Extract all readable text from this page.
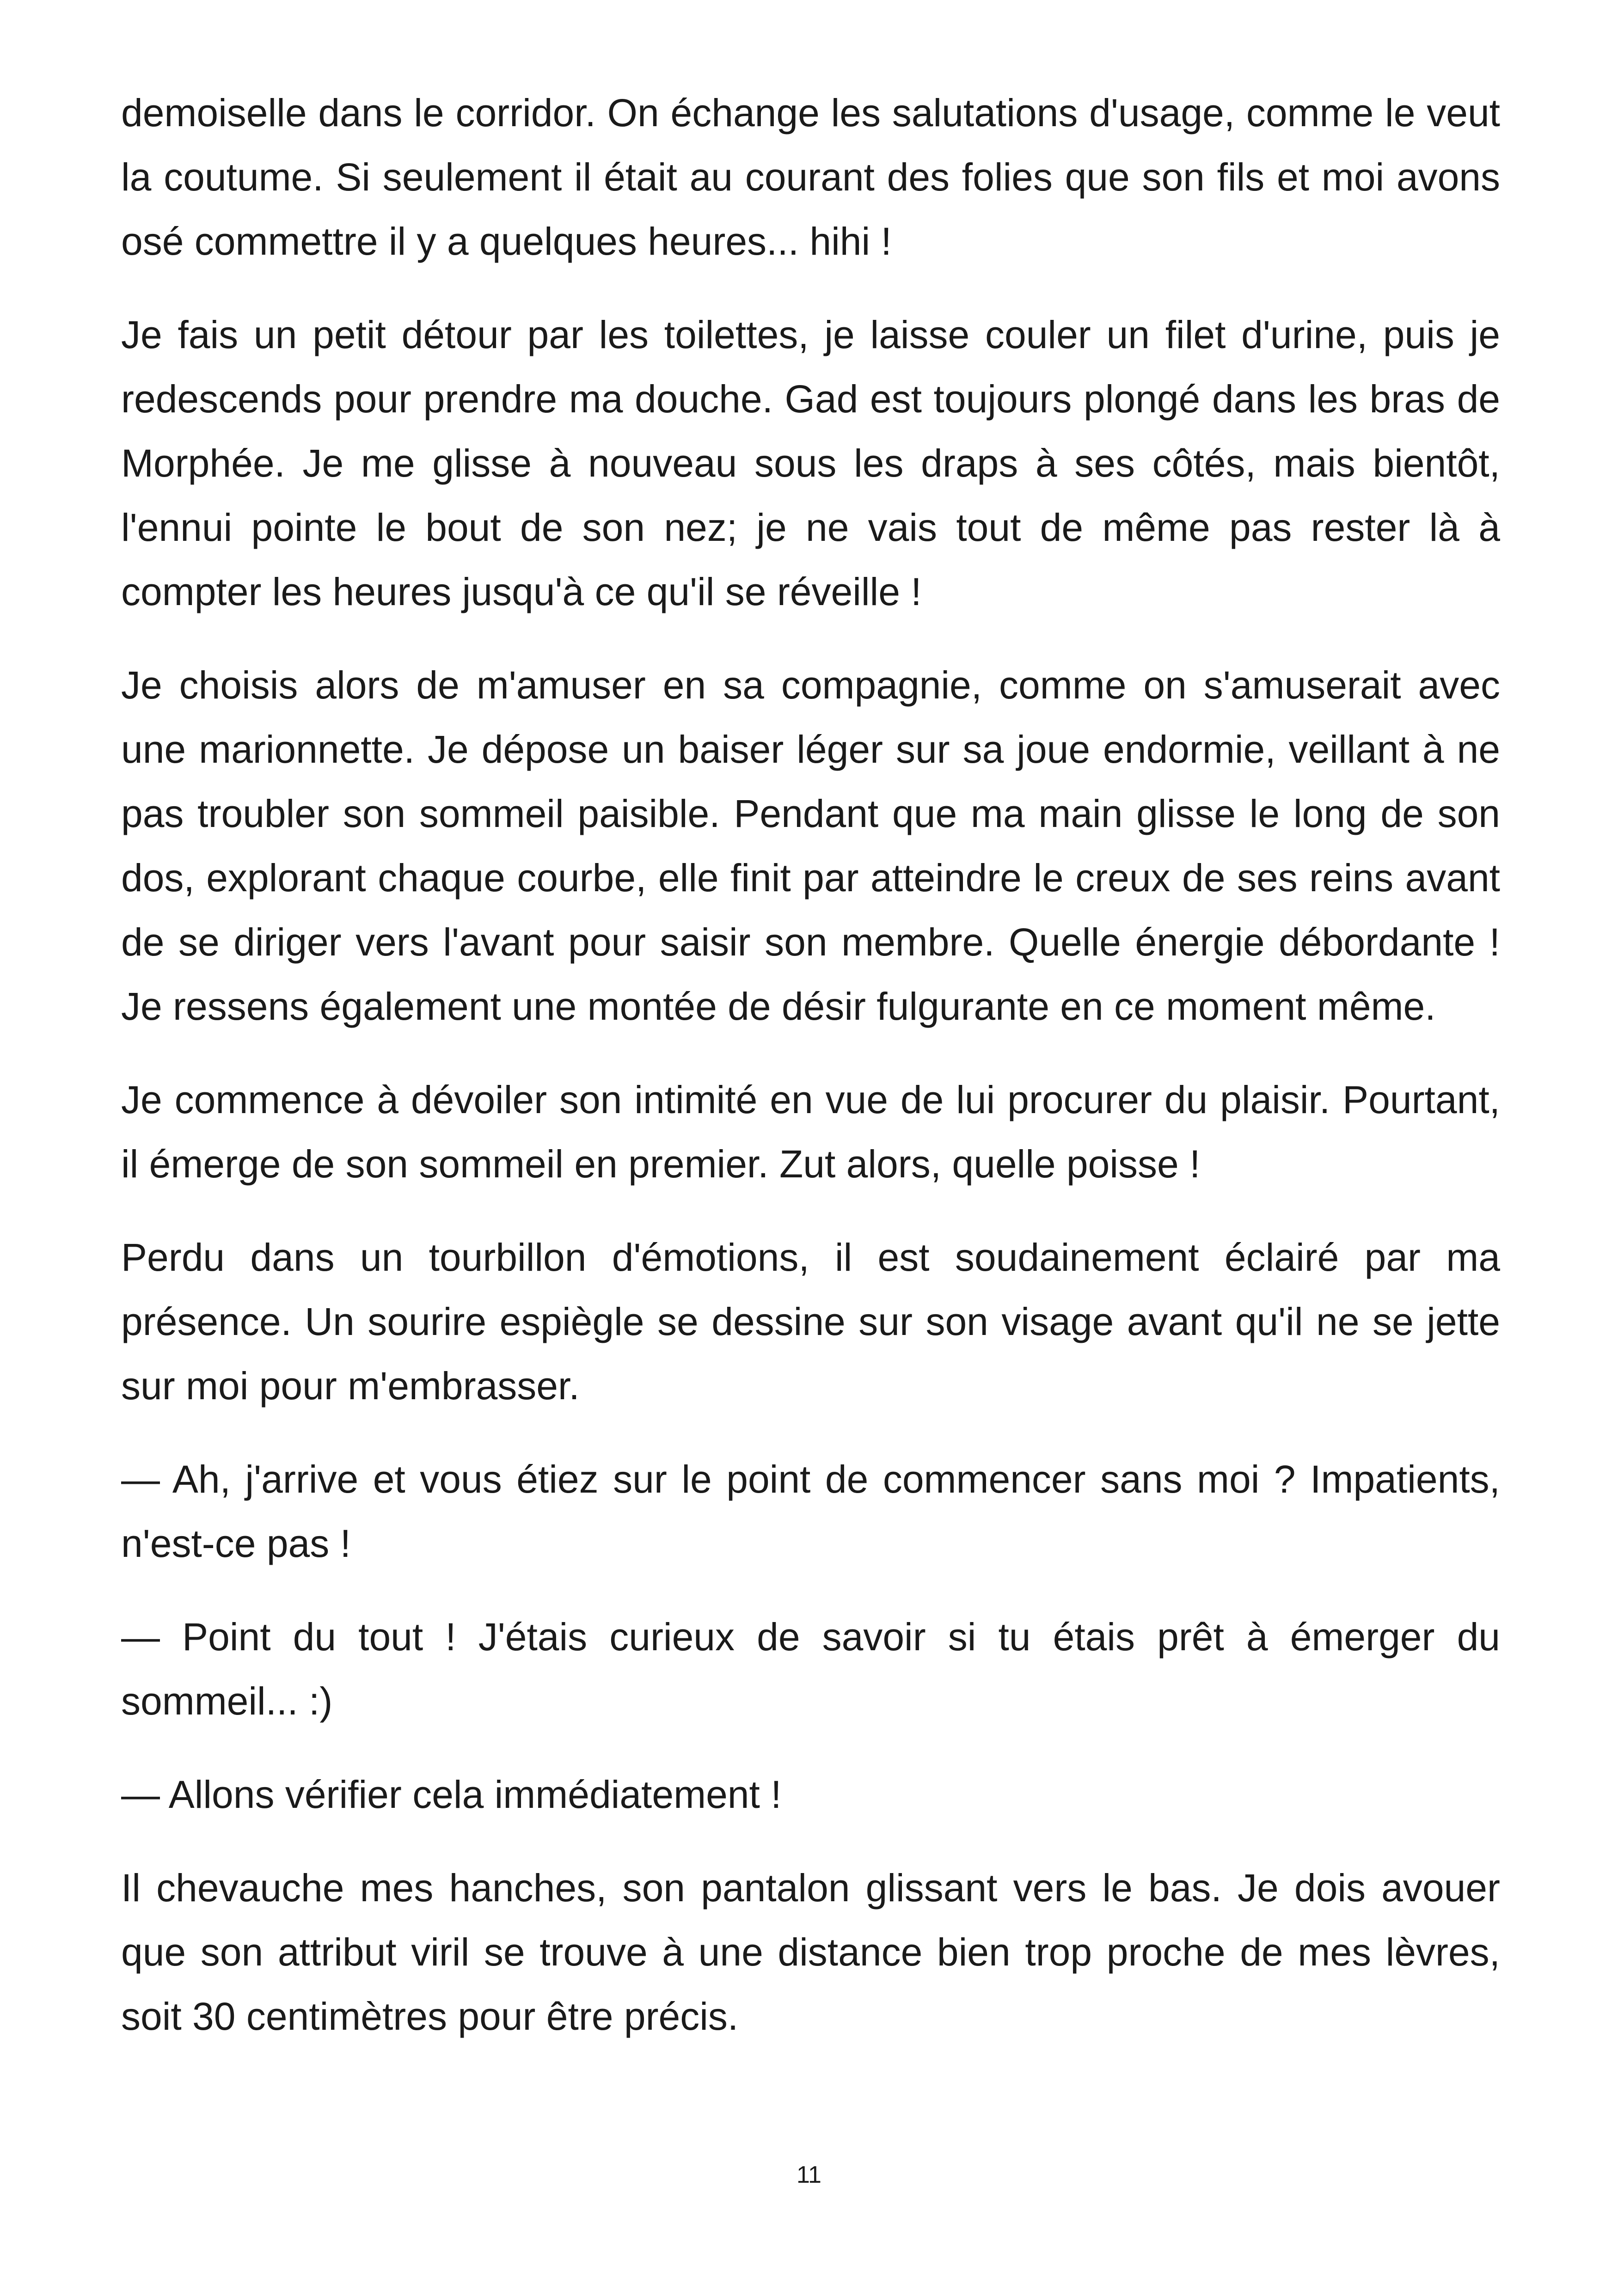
demoiselle dans le corridor. On échange les salutations d'usage, comme le veut la coutume. Si seulement il était au courant des folies que son fils et moi avons osé commettre il y a quelques heures... hihi !

Je fais un petit détour par les toilettes, je laisse couler un filet d'urine, puis je redescends pour prendre ma douche. Gad est toujours plongé dans les bras de Morphée. Je me glisse à nouveau sous les draps à ses côtés, mais bientôt, l'ennui pointe le bout de son nez; je ne vais tout de même pas rester là à compter les heures jusqu'à ce qu'il se réveille !

Je choisis alors de m'amuser en sa compagnie, comme on s'amuserait avec une marionnette. Je dépose un baiser léger sur sa joue endormie, veillant à ne pas troubler son sommeil paisible. Pendant que ma main glisse le long de son dos, explorant chaque courbe, elle finit par atteindre le creux de ses reins avant de se diriger vers l'avant pour saisir son membre. Quelle énergie débordante ! Je ressens également une montée de désir fulgurante en ce moment même.

Je commence à dévoiler son intimité en vue de lui procurer du plaisir. Pourtant, il émerge de son sommeil en premier. Zut alors, quelle poisse !

Perdu dans un tourbillon d'émotions, il est soudainement éclairé par ma présence. Un sourire espiègle se dessine sur son visage avant qu'il ne se jette sur moi pour m'embrasser.

— Ah, j'arrive et vous étiez sur le point de commencer sans moi ? Impatients, n'est-ce pas !

— Point du tout ! J'étais curieux de savoir si tu étais prêt à émerger du sommeil... :)

— Allons vérifier cela immédiatement !

Il chevauche mes hanches, son pantalon glissant vers le bas. Je dois avouer que son attribut viril se trouve à une distance bien trop proche de mes lèvres, soit 30 centimètres pour être précis.

11
